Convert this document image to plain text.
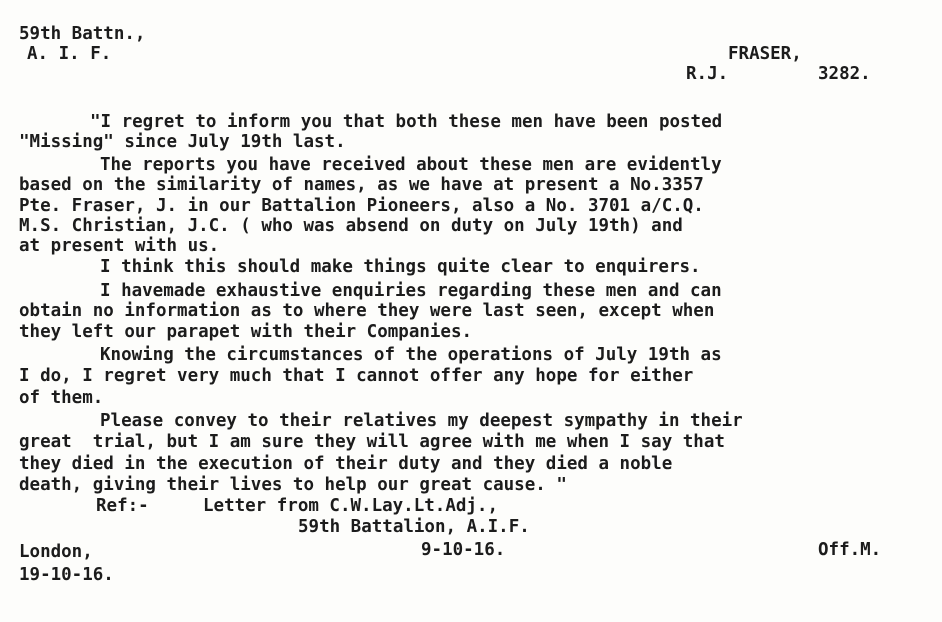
59th Battn.,
A. I. F.	FRASER,
R.J.	3282.
"I regret to inform you that both these men have been posted
"Missing" since July 19th last.
The reports you have received about these men are evidently
based on the similarity of names, as we have at present a No.3357
Pte. Fraser, J. in our Battalion Pioneers, also a No. 3701 a/C.Q.
M.S. Christian, J.C. ( who was absend on duty on July 19th) and
at present with us.
I think this should make things quite clear to enquirers.
I havemade exhaustive enquiries regarding these men and can
obtain no information as to where they were last seen, except when
they left our parapet with their Companies.
Knowing the circumstances of the operations of July 19th as
I do, I regret very much that I cannot offer any hope for either
of them.
Please convey to their relatives my deepest sympathy in their
great  trial, but I am sure they will agree with me when I say that
they died in the execution of their duty and they died a noble
death, giving their lives to help our great cause. "
Ref:-	Letter from C.W.Lay.Lt.Adj.,
59th Battalion, A.I.F.
London,	9-10-16.	Off.M.
19-10-16.
